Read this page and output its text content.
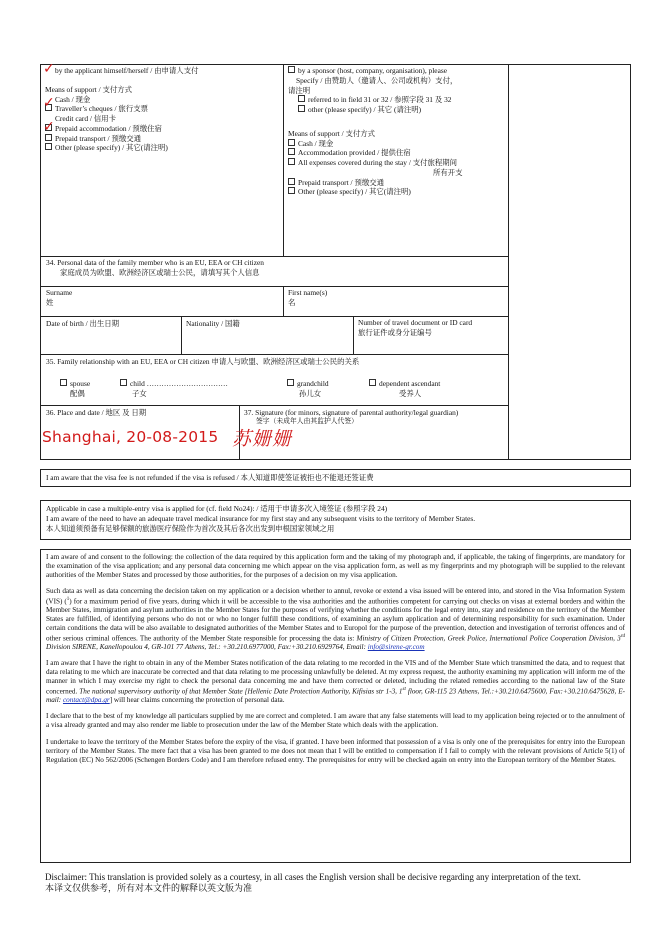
by the applicant himself/herself / 由申请人支付
Means of support / 支付方式
Cash / 现金
Traveller’s cheques / 旅行支票
Credit card / 信用卡
Prepaid accommodation / 预缴住宿
Prepaid transport / 预缴交通
Other (please specify) / 其它(请注明)
✓
✓
✓
by a sponsor (host, company, organisation), please
Specify / 由赞助人（邀请人、公司或机构）支付，
请注明
referred to in field 31 or 32 / 参照字段 31 及 32
other (please specify) / 其它 (请注明)
Means of support / 支付方式
Cash / 现金
Accommodation provided / 提供住宿
All expenses covered during the stay / 支付旅程期间
所有开支
Prepaid transport / 预缴交通
Other (please specify) / 其它(请注明)
34. Personal data of the family member who is an EU, EEA or CH citizen
家庭成员为欧盟、欧洲经济区或瑞士公民，请填写其个人信息
Surname
姓
First name(s)
名
Date of birth / 出生日期	Nationality / 国籍	Number of travel document or ID card
旅行证件或身分证编号
35. Family relationship with an EU, EEA or CH citizen 申请人与欧盟、欧洲经济区或瑞士公民的关系
spouse
配偶
child ……………………………
子女
grandchild
孙儿女
dependent ascendant
受养人
36. Place and date / 地区 及 日期
Shanghai, 20-08-2015
37. Signature (for minors, signature of parental authority/legal guardian)
签字（未成年人由其监护人代签）
苏姗姗
I am aware that the visa fee is not refunded if the visa is refused / 本人知道即使签证被拒也不能退还签证费
Applicable in case a multiple-entry visa is applied for (cf. field No24): / 适用于申请多次入境签证 (参照字段 24)
I am aware of the need to have an adequate travel medical insurance for my first stay and any subsequent visits to the territory of Member States.
本人知道须预备有足够保额的旅游医疗保险作为首次及其后各次出发到申根国家领域之用

I am aware of and consent to the following: the collection of the data required by this application form and the taking of my photograph and, if applicable, the taking of fingerprints, are mandatory for the examination of the visa application; and any personal data concerning me which appear on the visa application form, as well as my fingerprints and my photograph will be supplied to the relevant authorities of the Member States and processed by those authorities, for the purposes of a decision on my visa application.

Such data as well as data concerning the decision taken on my application or a decision whether to annul, revoke or extend a visa issued will be entered into, and stored in the Visa Information System (VIS) ($^1$) for a maximum period of five years, during which it will be accessible to the visa authorities and the authorities competent for carrying out checks on visas at external borders and within the Member States, immigration and asylum authorities in the Member States for the purposes of verifying whether the conditions for the legal entry into, stay and residence on the territory of the Member States are fulfilled, of identifying persons who do not or who no longer fulfill these conditions, of examining an asylum application and of determining responsibility for such examination. Under certain conditions the data will be also available to designated authorities of the Member States and to Europol for the purpose of the prevention, detection and investigation of terrorist offences and of other serious criminal offences. The authority of the Member State responsible for processing the data is: Ministry of Citizen Protection, Greek Police, International Police Cooperation Division, 3rd Division SIRENE, Kanellopoulou 4, GR-101 77 Athens, Tel.: +30.210.6977000, Fax:+30.210.6929764, Email: info@sirene-gr.com

I am aware that I have the right to obtain in any of the Member States notification of the data relating to me recorded in the VIS and of the Member State which transmitted the data, and to request that data relating to me which are inaccurate be corrected and that data relating to me processing unlawfully be deleted. At my express request, the authority examining my application will inform me of the manner in which I may exercise my right to check the personal data concerning me and have them corrected or deleted, including the related remedies according to the national law of the State concerned. The national supervisory authority of that Member State [Hellenic Date Protection Authority, Kifisias str 1-3, 1st floor, GR-115 23 Athens, Tel.:+30.210.6475600, Fax:+30.210.6475628, E-mail: contact@dpa.gr] will hear claims concerning the protection of personal data.

I declare that to the best of my knowledge all particulars supplied by me are correct and completed. I am aware that any false statements will lead to my application being rejected or to the annulment of a visa already granted and may also render me liable to prosecution under the law of the Member State which deals with the application.

I undertake to leave the territory of the Member States before the expiry of the visa, if granted. I have been informed that possession of a visa is only one of the prerequisites for entry into the European territory of the Member States. The mere fact that a visa has been granted to me does not mean that I will be entitled to compensation if I fail to comply with the relevant provisions of Article 5(1) of Regulation (EC) No 562/2006 (Schengen Borders Code) and I am therefore refused entry. The prerequisites for entry will be checked again on entry into the European territory of the Member States.

Disclaimer: This translation is provided solely as a courtesy, in all cases the English version shall be decisive regarding any interpretation of the text.
本译文仅供参考，所有对本文件的解释以英文版为准
